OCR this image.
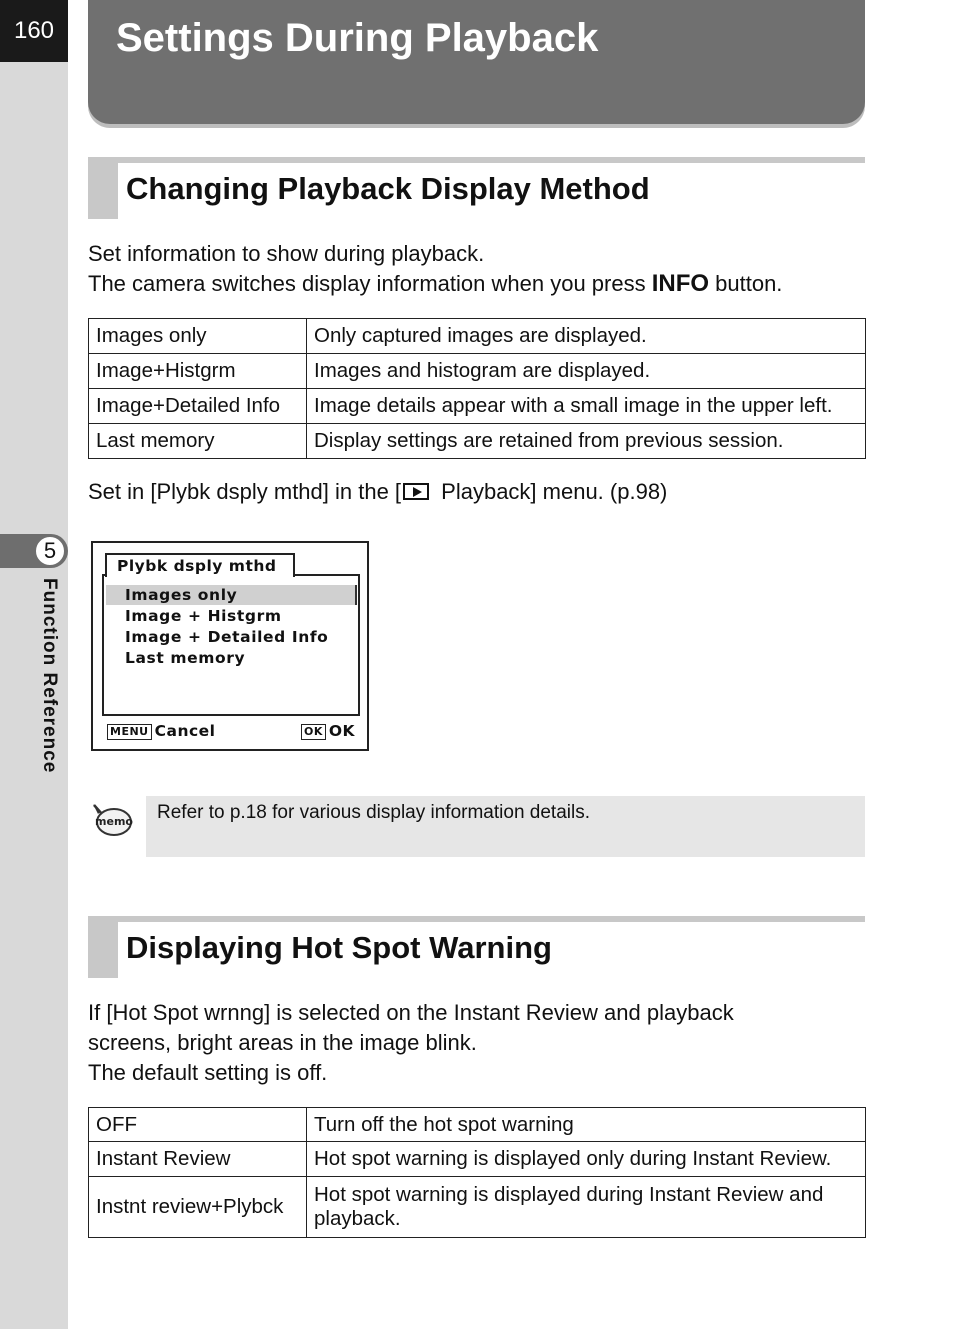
160
5
Function Reference
Settings During Playback
Changing Playback Display Method
Set information to show during playback.
The camera switches display information when you press INFO button.
Images only	Only captured images are displayed.
Image+Histgrm	Images and histogram are displayed.
Image+Detailed Info	Image details appear with a small image in the upper left.
Last memory	Display settings are retained from previous session.
Set in [Plybk dsply mthd] in the [ Playback] menu. (p.98)
Plybk dsply mthd
Images only
Image + Histgrm
Image + Detailed Info
Last memory
MENU Cancel	OK OK
memo	Refer to p.18 for various display information details.
Displaying Hot Spot Warning
If [Hot Spot wrnng] is selected on the Instant Review and playback
screens, bright areas in the image blink.
The default setting is off.
OFF	Turn off the hot spot warning
Instant Review	Hot spot warning is displayed only during Instant Review.
Instnt review+Plybck	Hot spot warning is displayed during Instant Review and playback.
